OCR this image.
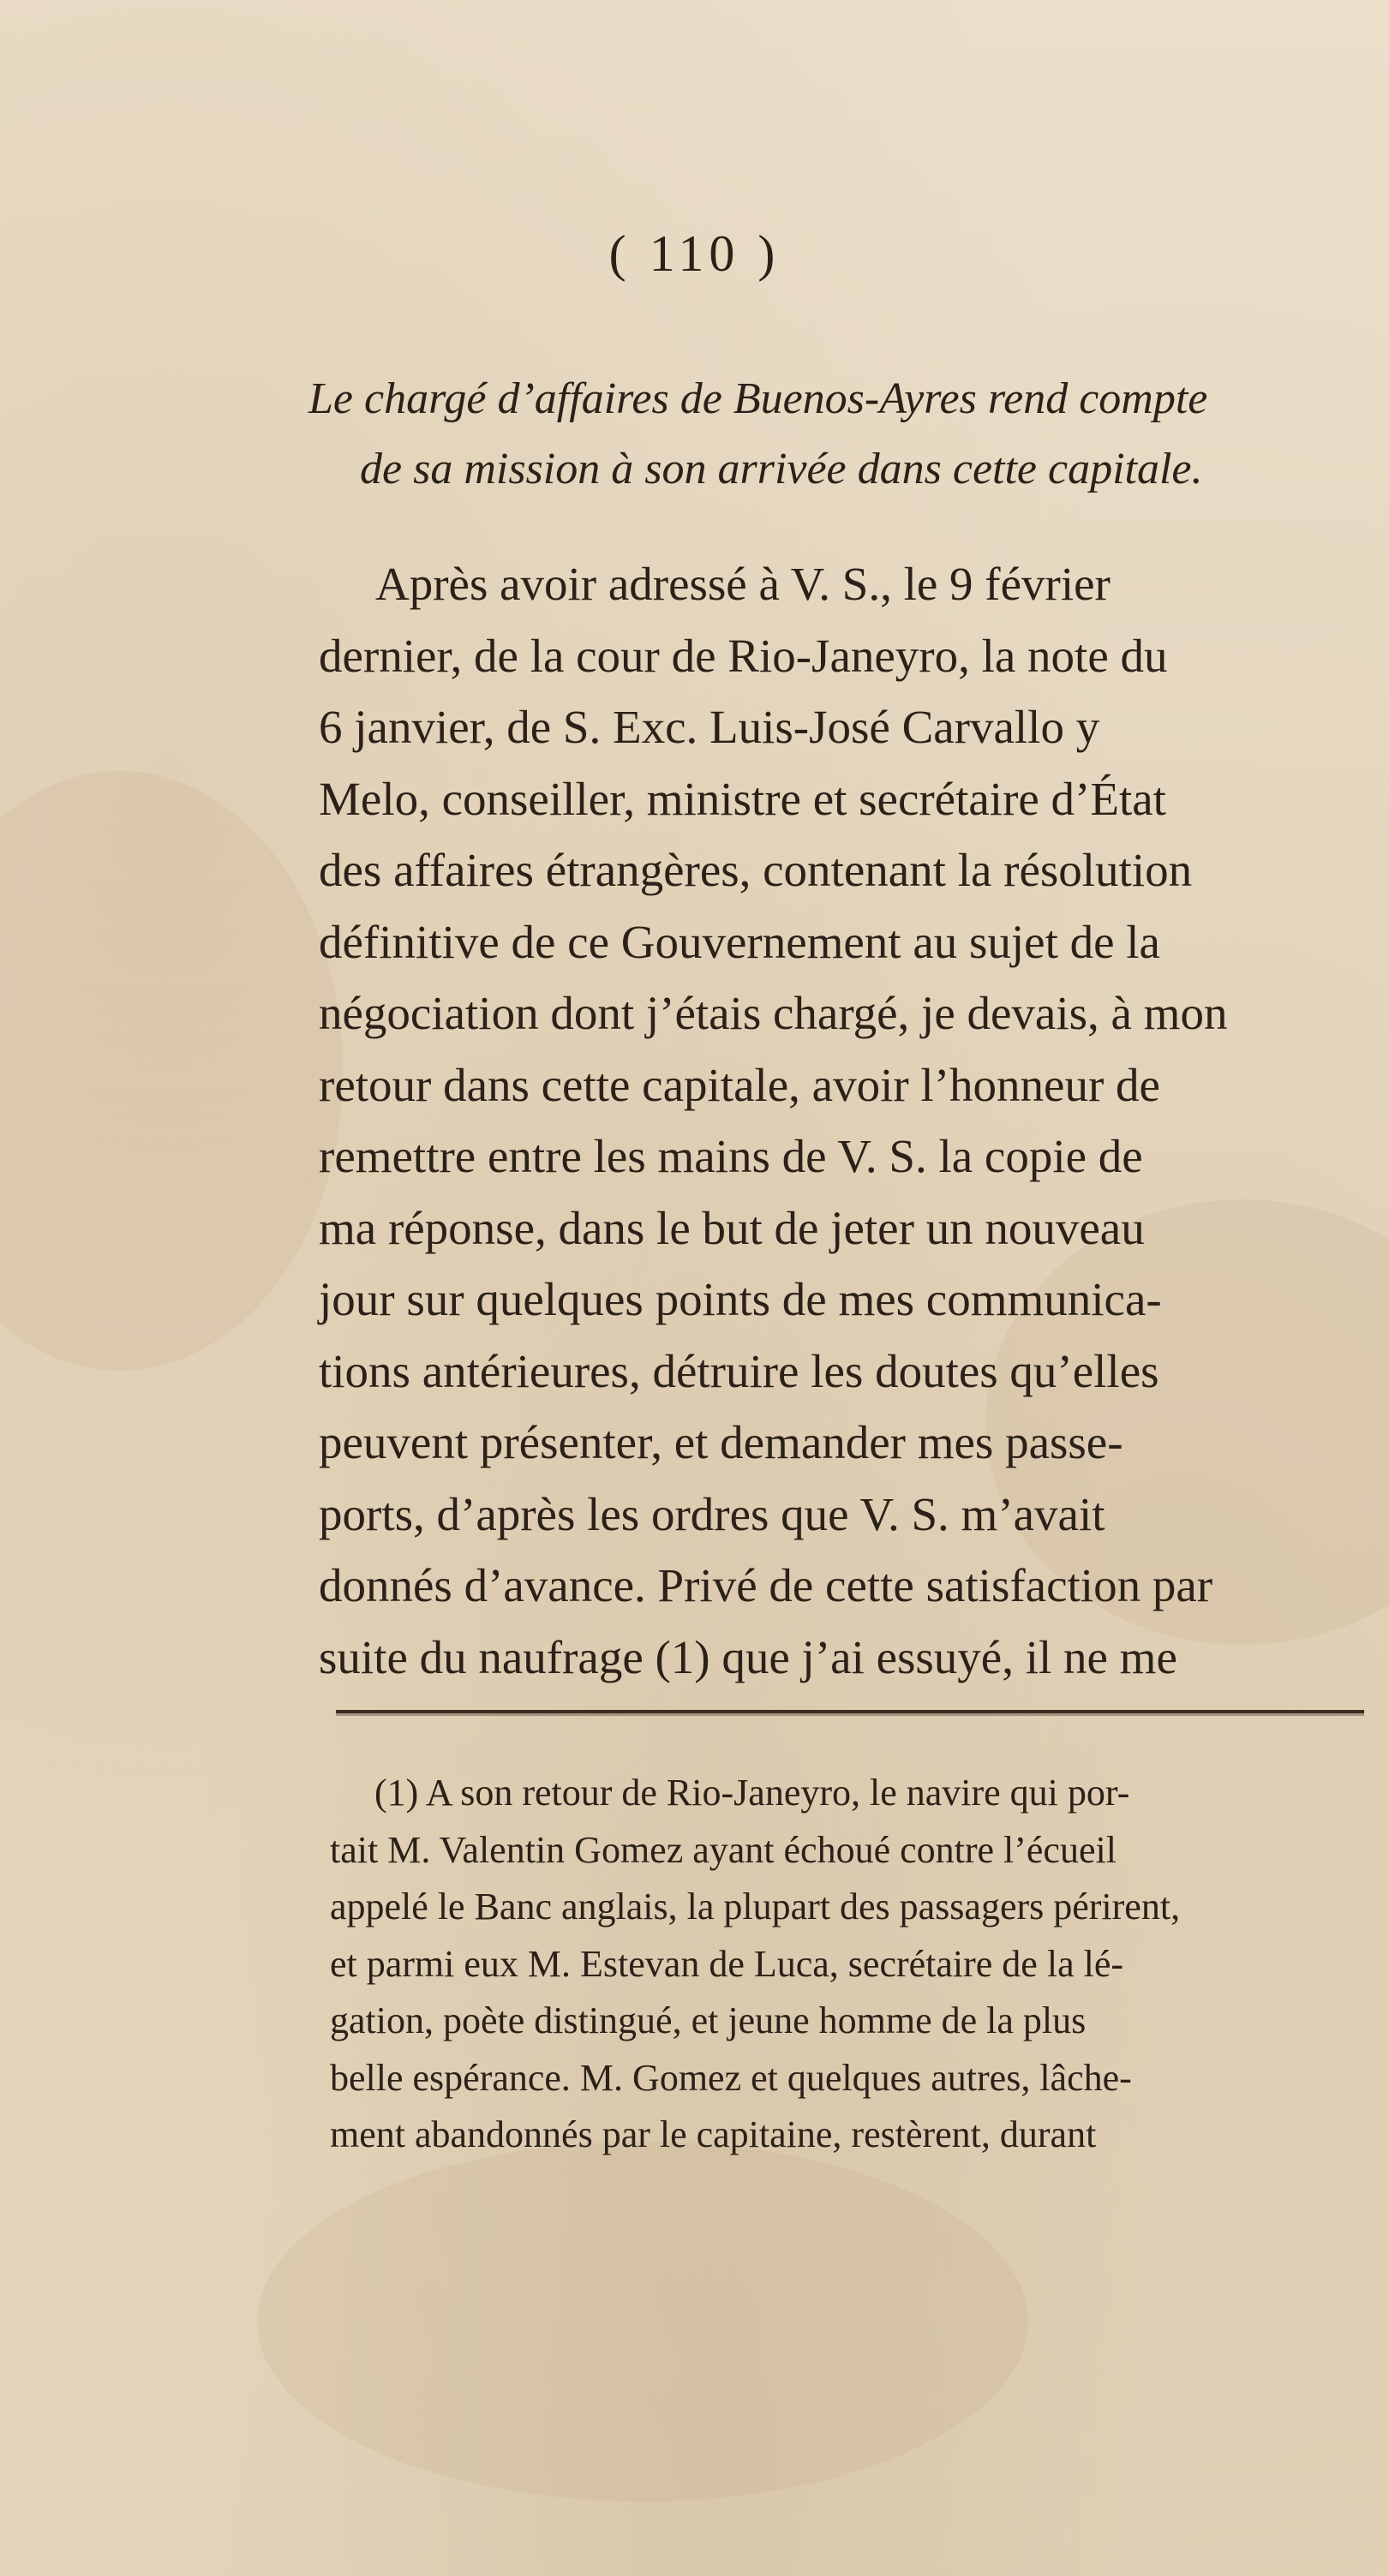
( 110 )
Le chargé d’affaires de Buenos-Ayres rend compte
de sa mission à son arrivée dans cette capitale.
Après avoir adressé à V. S., le 9 février
dernier, de la cour de Rio-Janeyro, la note du
6 janvier, de S. Exc. Luis-José Carvallo y
Melo, conseiller, ministre et secrétaire d’État
des affaires étrangères, contenant la résolution
définitive de ce Gouvernement au sujet de la
négociation dont j’étais chargé, je devais, à mon
retour dans cette capitale, avoir l’honneur de
remettre entre les mains de V. S. la copie de
ma réponse, dans le but de jeter un nouveau
jour sur quelques points de mes communica-
tions antérieures, détruire les doutes qu’elles
peuvent présenter, et demander mes passe-
ports, d’après les ordres que V. S. m’avait
donnés d’avance. Privé de cette satisfaction par
suite du naufrage (1) que j’ai essuyé, il ne me
(1) A son retour de Rio-Janeyro, le navire qui por-
tait M. Valentin Gomez ayant échoué contre l’écueil
appelé le Banc anglais, la plupart des passagers périrent,
et parmi eux M. Estevan de Luca, secrétaire de la lé-
gation, poète distingué, et jeune homme de la plus
belle espérance. M. Gomez et quelques autres, lâche-
ment abandonnés par le capitaine, restèrent, durant
